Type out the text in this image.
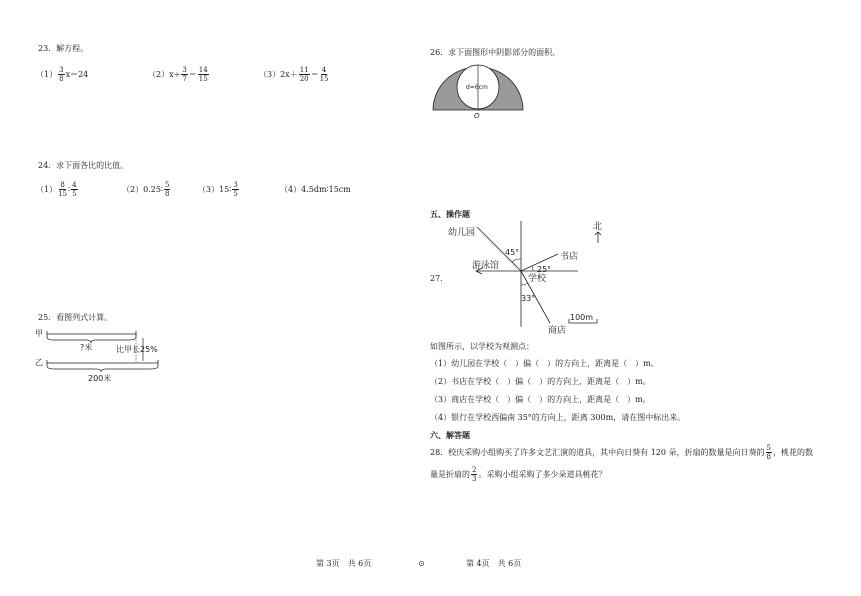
23．解方程。
$(1) \frac{3}{8} x=24$	（2） $x\div \frac{3}{7} = \frac{14}{15}$	（3） $2x+ \frac{11}{20} = \frac{4}{15}$
24．求下面各比的比值。
$(1) \frac{8}{15}$ ∶ $\frac{4}{5}$	（2） 0.25∶ $\frac{5}{8}$	（3） 15∶ $\frac{3}{5}$	（4） 4.5dm∶15cm
25．看图列式计算。
甲
?米	比甲长25%
乙
200米
26．求下面图形中阴影部分的面积。
d=6cm
O
五、操作题
27.
幼儿园
书店
游泳馆
学校
商店
45°
25°
33°
100m
北
如图所示，以学校为观测点：
（1）幼儿园在学校（　）偏（　）的方向上，距离是（　）m。
（2）书店在学校（　）偏（　）的方向上，距离是（　）m。
（3）商店在学校（　）偏（　）的方向上，距离是（　）m。
（4）银行在学校西偏南 35°的方向上，距离 300m，请在图中标出来。
六、解答题
28．校庆采购小组购买了许多文艺汇演的道具，其中向日葵有 120 朵，折扇的数量是向日葵的 $\frac{5}{8}$ ，桃花的数
量是折扇的 $\frac{2}{3}$ 。采购小组采购了多少朵道具桃花？
第 3页　共 6页	⊙	第 4页　共 6页
